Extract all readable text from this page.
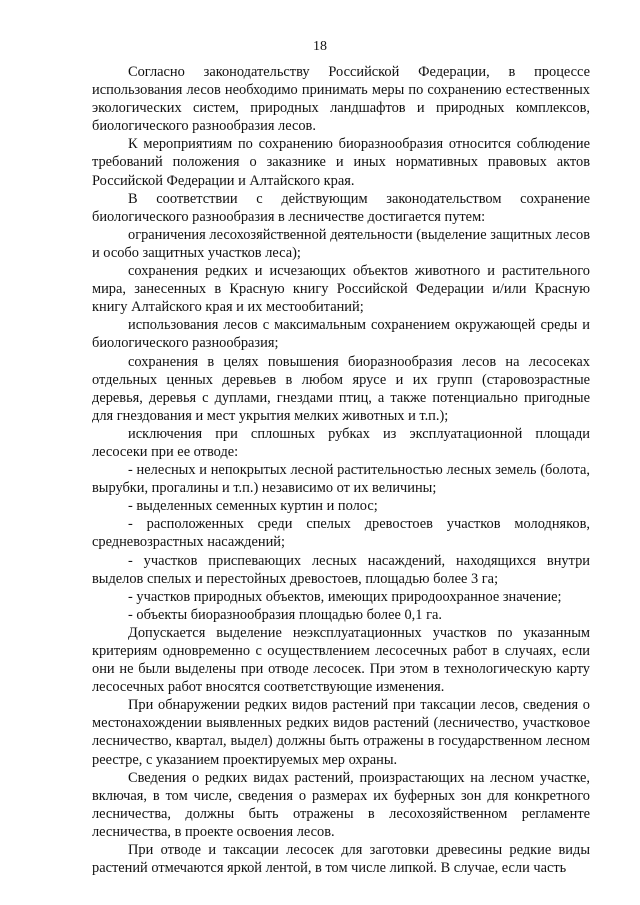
18

Согласно законодательству Российской Федерации, в процессе использования лесов необходимо принимать меры по сохранению естественных экологических систем, природных ландшафтов и природных комплексов, биологического разнообразия лесов.

К мероприятиям по сохранению биоразнообразия относится соблюдение требований положения о заказнике и иных нормативных правовых актов Российской Федерации и Алтайского края.

В соответствии с действующим законодательством сохранение биологического разнообразия в лесничестве достигается путем:

ограничения лесохозяйственной деятельности (выделение защитных лесов и особо защитных участков леса);

сохранения редких и исчезающих объектов животного и растительного мира, занесенных в Красную книгу Российской Федерации и/или Красную книгу Алтайского края и их местообитаний;

использования лесов с максимальным сохранением окружающей среды и биологического разнообразия;

сохранения в целях повышения биоразнообразия лесов на лесосеках отдельных ценных деревьев в любом ярусе и их групп (старовозрастные деревья, деревья с дуплами, гнездами птиц, а также потенциально пригодные для гнездования и мест укрытия мелких животных и т.п.);

исключения при сплошных рубках из эксплуатационной площади лесосеки при ее отводе:

- нелесных и непокрытых лесной растительностью лесных земель (болота, вырубки, прогалины и т.п.) независимо от их величины;

- выделенных семенных куртин и полос;

- расположенных среди спелых древостоев участков молодняков, средневозрастных насаждений;

- участков приспевающих лесных насаждений, находящихся внутри выделов спелых и перестойных древостоев, площадью более 3 га;

- участков природных объектов, имеющих природоохранное значение;

- объекты биоразнообразия площадью более 0,1 га.

Допускается выделение неэксплуатационных участков по указанным критериям одновременно с осуществлением лесосечных работ в случаях, если они не были выделены при отводе лесосек. При этом в технологическую карту лесосечных работ вносятся соответствующие изменения.

При обнаружении редких видов растений при таксации лесов, сведения о местонахождении выявленных редких видов растений (лесничество, участковое лесничество, квартал, выдел) должны быть отражены в государственном лесном реестре, с указанием проектируемых мер охраны.

Сведения о редких видах растений, произрастающих на лесном участке, включая, в том числе, сведения о размерах их буферных зон для конкретного лесничества, должны быть отражены в лесохозяйственном регламенте лесничества, в проекте освоения лесов.

При отводе и таксации лесосек для заготовки древесины редкие виды растений отмечаются яркой лентой, в том числе липкой. В случае, если часть
